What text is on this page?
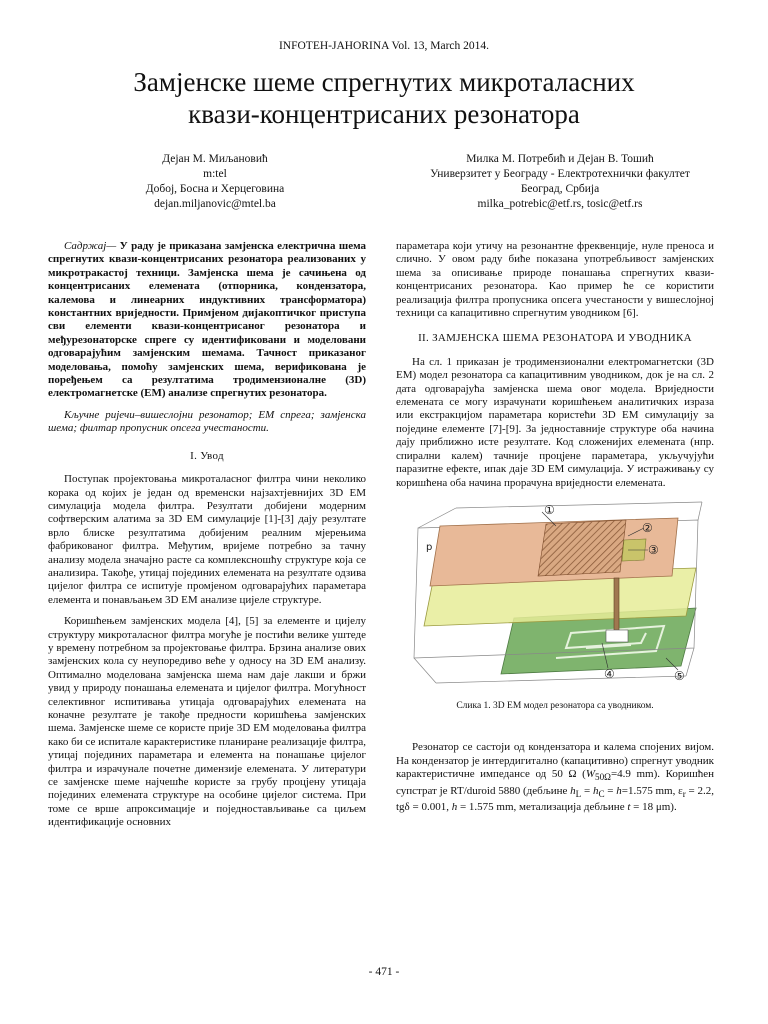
INFOTEH-JAHORINA Vol. 13, March 2014.
Замјенске шеме спрегнутих микроталасних
квази-концентрисаних резонатора
Дејан М. Миљановић
m:tel
Добој, Босна и Херцеговина
dejan.miljanovic@mtel.ba
Милка М. Потребић и Дејан В. Тошић
Универзитет у Београду - Електротехнички факултет
Београд, Србија
milka_potrebic@etf.rs, tosic@etf.rs

Садржај— У раду је приказана замјенска електрична шема спрегнутих квази-концентрисаних резонатора реализованих у микротракастој техници. Замјенска шема је сачињена од концентрисаних елемената (отпорника, кондензатора, калемова и линеарних индуктивних трансформатора) константних вриједности. Примјеном дијакоптичког приступа сви елементи квази-концентрисаног резонатора и међурезонаторске спреге су идентификовани и моделовани одговарајућим замјенским шемама. Тачност приказаног моделовања, помоћу замјенских шема, верификована је поређењем са резултатима тродимензионалне (3D) електромагнетске (EM) анализе спрегнутих резонатора.

Кључне ријечи–вишеслојни резонатор; EM спрега; замјенска шема; филтар пропусник опсега учестаности.

I. Увод

Поступак пројектовања микроталасног филтра чини неколико корака од којих је један од временски најзахтјевнијих 3D EM симулација модела филтра. Резултати добијени модерним софтверским алатима за 3D EM симулације [1]-[3] дају резултате врло блиске резултатима добијеним реалним мјерењима фабрикованог филтра. Међутим, вријеме потребно за тачну анализу модела значајно расте са комплексношћу структуре која се анализира. Такође, утицај појединих елемената на резултате одзива цијелог филтра се испитује промјеном одговарајућих параметара елемента и понављањем 3D EM анализе цијеле структуре.

Коришћењем замјенских модела [4], [5] за елементе и цијелу структуру микроталасног филтра могуће је постићи велике уштеде у времену потребном за пројектовање филтра. Брзина анализе ових замјенских кола су неупоредиво веће у односу на 3D EM анализу. Оптимално моделована замјенска шема нам даје лакши и бржи увид у природу понашања елемената и цијелог филтра. Могућност селективног испитивања утицаја одговарајућих елемената на коначне резултате је такође предности коришћења замјенских шема. Замјенске шеме се користе прије 3D EM моделовања филтра како би се испитале карактеристике планиране реализације филтра, утицај појединих параметара и елемента на понашање цијелог филтра и израчунале почетне димензије елемената. У литератури се замјенске шеме најчешће користе за грубу процјену утицаја појединих елемената структуре на особине цијелог система. При томе се врше апроксимације и поједностављивање са циљем идентификације основних

параметара који утичу на резонантне фреквенције, нуле преноса и слично. У овом раду биће показана употребљивост замјенских шема за описивање природе понашања спрегнутих квази-концентрисаних резонатора. Као пример ће се користити реализација филтра пропусника опсега учестаности у вишеслојној техници са капацитивно спрегнутим уводником [6].

II. ЗАМЈЕНСКА ШЕМА РЕЗОНАТОРА И УВОДНИКА

На сл. 1 приказан је тродимензионални електромагнетски (3D EM) модел резонатора са капацитивним уводником, док је на сл. 2 дата одговарајућа замјенска шема овог модела. Вриједности елемената се могу израчунати коришћењем аналитичких израза или екстракцијом параметара користећи 3D EM симулацију за поједине елементе [7]-[9]. За једноставније структуре оба начина дају приближно исте резултате. Код сложенијих елемената (нпр. спирални калем) тачније процјене параметара, укључујући паразитне ефекте, ипак даје 3D EM симулација. У истраживању су коришћена оба начина прорачуна вриједности елемената.

①
②
③
④	⑤
p
Слика 1. 3D EM модел резонатора са уводником.

Резонатор се састоји од кондензатора и калема спојених вијом. На кондензатор је интердигитално (капацитивно) спрегнут уводник карактеристичне импедансе од 50 Ω ($W_{50\Omega}=4.9$ mm). Коришћен супстрат је RT/duroid 5880 (дебљине $h_L = h_C = h=1.575$ mm, $\varepsilon_r = 2.2$, tgδ = 0.001, h = 1.575 mm, метализација дебљине t = 18 μm).

- 471 -
